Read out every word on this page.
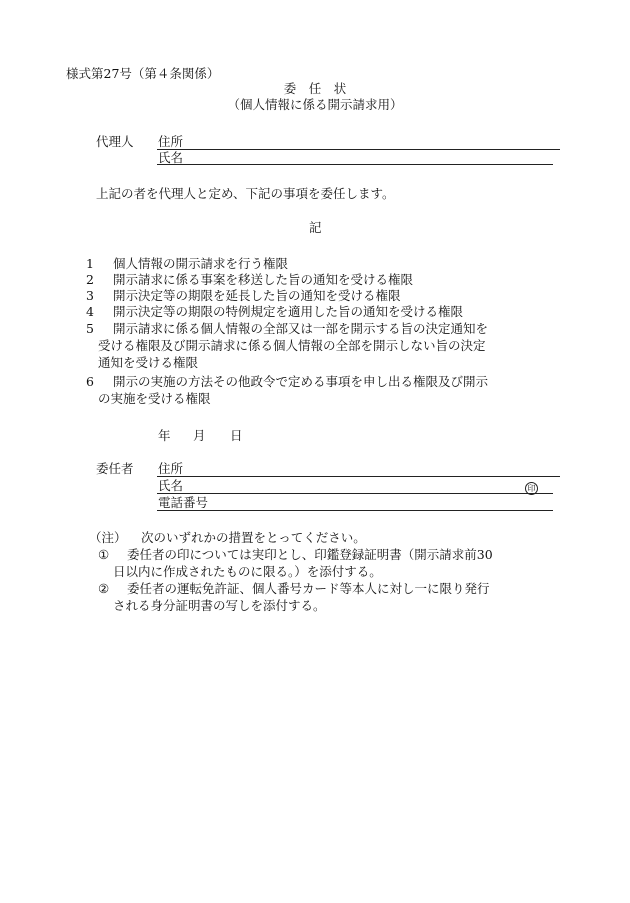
様式第27号（第４条関係）
委　任　状
（個人情報に係る開示請求用）
代理人 住所
氏名
上記の者を代理人と定め、下記の事項を委任します。
記
1 個人情報の開示請求を行う権限
2 開示請求に係る事案を移送した旨の通知を受ける権限
3 開示決定等の期限を延長した旨の通知を受ける権限
4 開示決定等の期限の特例規定を適用した旨の通知を受ける権限
5 開示請求に係る個人情報の全部又は一部を開示する旨の決定通知を
受ける権限及び開示請求に係る個人情報の全部を開示しない旨の決定
通知を受ける権限
6 開示の実施の方法その他政令で定める事項を申し出る権限及び開示
の実施を受ける権限
年 月 日
委任者 住所
氏名	印
電話番号
（注） 次のいずれかの措置をとってください。
① 委任者の印については実印とし、印鑑登録証明書（開示請求前30
日以内に作成されたものに限る。）を添付する。
② 委任者の運転免許証、個人番号カード等本人に対し一に限り発行
される身分証明書の写しを添付する。
